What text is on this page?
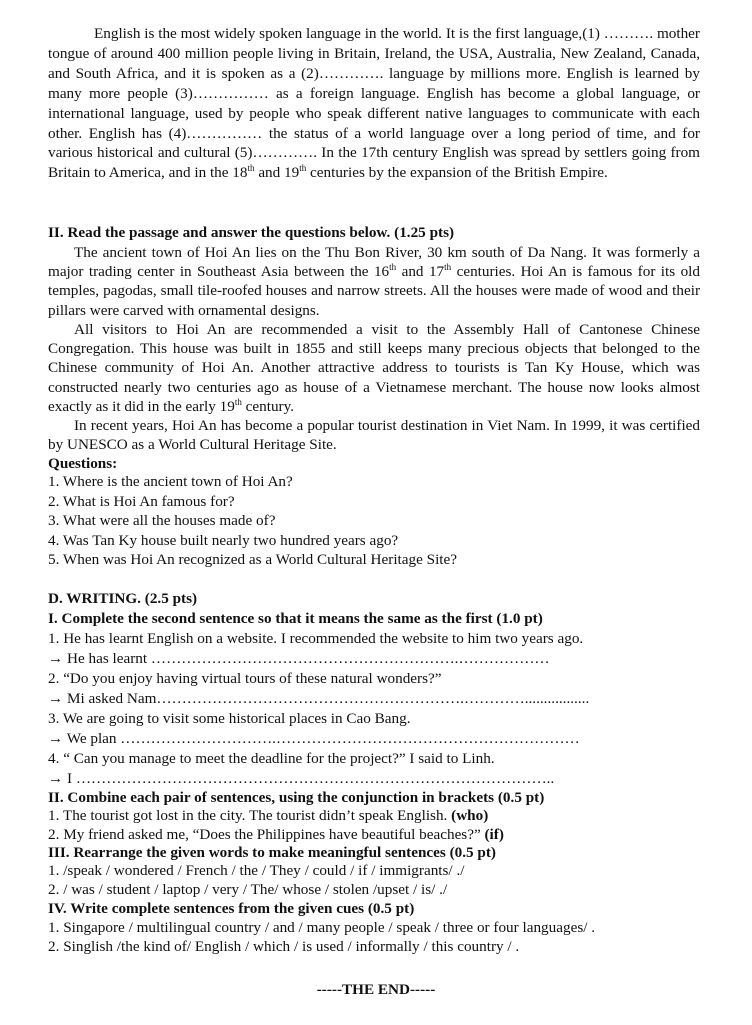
English is the most widely spoken language in the world. It is the first language,(1) ………. mother tongue of around 400 million people living in Britain, Ireland, the USA, Australia, New Zealand, Canada, and South Africa, and it is spoken as a (2)…………. language by millions more. English is learned by many more people (3)…………… as a foreign language. English has become a global language, or international language, used by people who speak different native languages to communicate with each other. English has (4)…………… the status of a world language over a long period of time, and for various historical and cultural (5)…………. In the 17th century English was spread by settlers going from Britain to America, and in the 18th and 19th centuries by the expansion of the British Empire.
II. Read the passage and answer the questions below. (1.25 pts)
The ancient town of Hoi An lies on the Thu Bon River, 30 km south of Da Nang. It was formerly a major trading center in Southeast Asia between the 16th and 17th centuries. Hoi An is famous for its old temples, pagodas, small tile-roofed houses and narrow streets. All the houses were made of wood and their pillars were carved with ornamental designs.
All visitors to Hoi An are recommended a visit to the Assembly Hall of Cantonese Chinese Congregation. This house was built in 1855 and still keeps many precious objects that belonged to the Chinese community of Hoi An. Another attractive address to tourists is Tan Ky House, which was constructed nearly two centuries ago as house of a Vietnamese merchant. The house now looks almost exactly as it did in the early 19th century.
In recent years, Hoi An has become a popular tourist destination in Viet Nam. In 1999, it was certified by UNESCO as a World Cultural Heritage Site.
Questions:
1. Where is the ancient town of Hoi An?
2. What is Hoi An famous for?
3. What were all the houses made of?
4. Was Tan Ky house built nearly two hundred years ago?
5. When was Hoi An recognized as a World Cultural Heritage Site?
D. WRITING. (2.5 pts)
I. Complete the second sentence so that it means the same as the first (1.0 pt)
1. He has learnt English on a website. I recommended the website to him two years ago.
→ He has learnt …………………………………………………….………………
2. “Do you enjoy having virtual tours of these natural wonders?”
→ Mi asked Nam…………………………………………………….………….................
3. We are going to visit some historical places in Cao Bang.
→ We plan ………………………….……………………………………………………
4. “ Can you manage to meet the deadline for the project?” I said to Linh.
→ I …………………………………………………………………………………..
II. Combine each pair of sentences, using the conjunction in brackets (0.5 pt)
1. The tourist got lost in the city. The tourist didn’t speak English. (who)
2. My friend asked me, “Does the Philippines have beautiful beaches?” (if)
III. Rearrange the given words to make meaningful sentences (0.5 pt)
1. /speak / wondered / French / the / They / could / if / immigrants/ ./
2. / was / student / laptop / very / The/ whose / stolen /upset / is/ ./
IV. Write complete sentences from the given cues (0.5 pt)
1. Singapore / multilingual country / and / many people / speak / three or four languages/ .
2. Singlish /the kind of/ English / which / is used / informally / this country / .
-----THE END-----
